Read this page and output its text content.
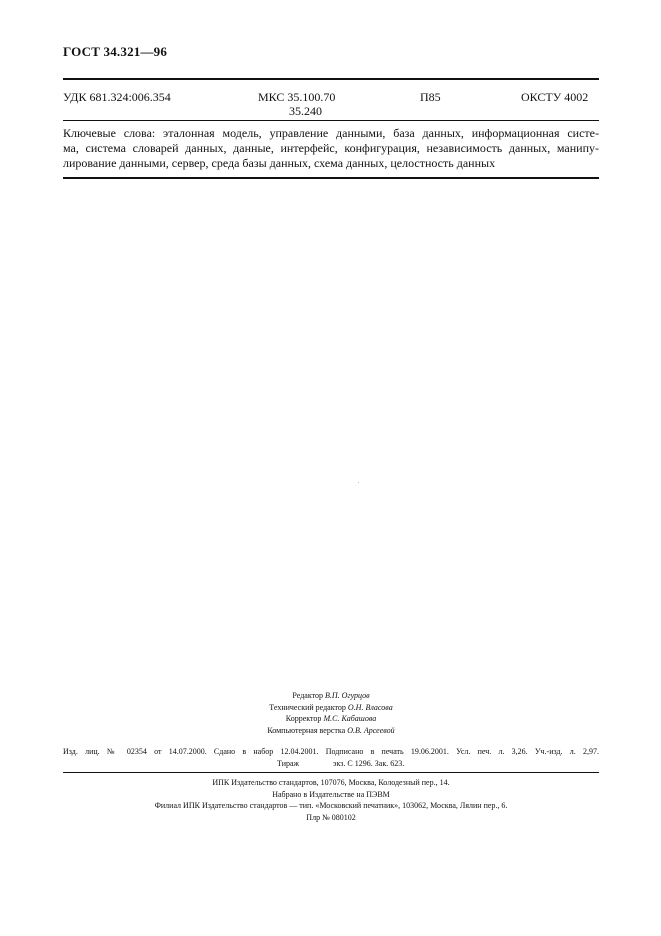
ГОСТ 34.321—96
УДК 681.324:006.354	МКС 35.100.70
35.240
П85	ОКСТУ 4002
Ключевые слова: эталонная модель, управление данными, база данных, информационная систе-
ма, система словарей данных, данные, интерфейс, конфигурация, независимость данных, манипу-
лирование данными, сервер, среда базы данных, схема данных, целостность данных
Редактор В.П. Огурцов
Технический редактор О.Н. Власова
Корректор М.С. Кабашова
Компьютерная верстка О.В. Арсеевой
Изд. лиц. № 02354 от 14.07.2000. Сдано в набор 12.04.2001. Подписано в печать 19.06.2001. Усл. печ. л. 3,26. Уч.-изд. л. 2,97.
Тираж	экз. С 1296. Зак. 623.
ИПК Издательство стандартов, 107076, Москва, Колодезный пер., 14.
Набрано в Издательстве на ПЭВМ
Филиал ИПК Издательство стандартов — тип. «Московский печатник», 103062, Москва, Лялин пер., 6.
Плр № 080102
